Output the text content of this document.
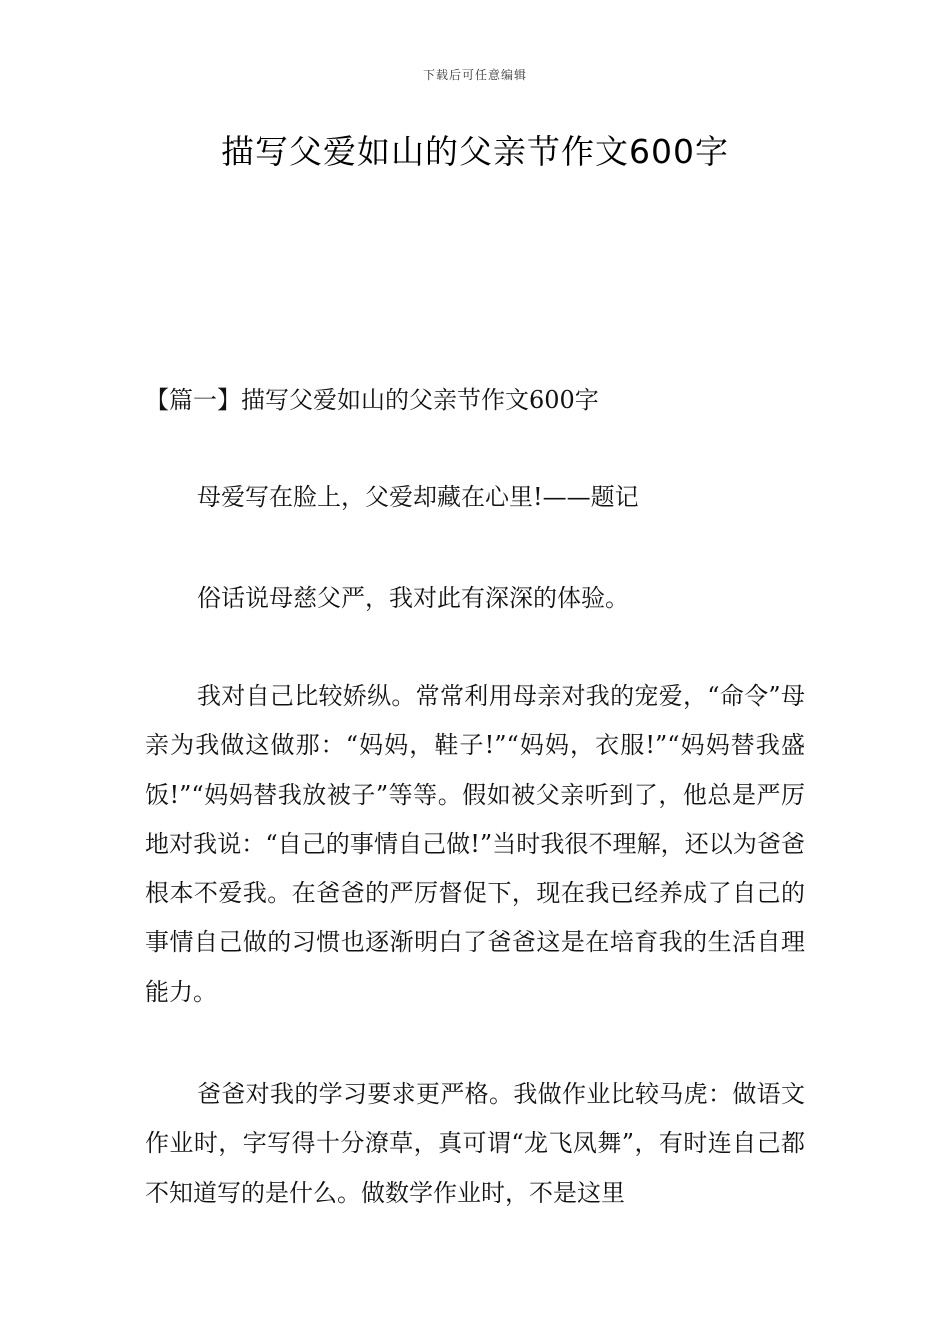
下载后可任意编辑
描写父爱如山的父亲节作文600字
【篇一】描写父爱如山的父亲节作文600字

母爱写在脸上，父爱却藏在心里!——题记

俗话说母慈父严，我对此有深深的体验。

我对自己比较娇纵。常常利用母亲对我的宠爱，“命令”母亲为我做这做那：“妈妈，鞋子!”“妈妈，衣服!”“妈妈替我盛饭!”“妈妈替我放被子”等等。假如被父亲听到了，他总是严厉地对我说：“自己的事情自己做!”当时我很不理解，还以为爸爸根本不爱我。在爸爸的严厉督促下，现在我已经养成了自己的事情自己做的习惯也逐渐明白了爸爸这是在培育我的生活自理能力。

爸爸对我的学习要求更严格。我做作业比较马虎：做语文作业时，字写得十分潦草，真可谓“龙飞凤舞”，有时连自己都不知道写的是什么。做数学作业时，不是这里
